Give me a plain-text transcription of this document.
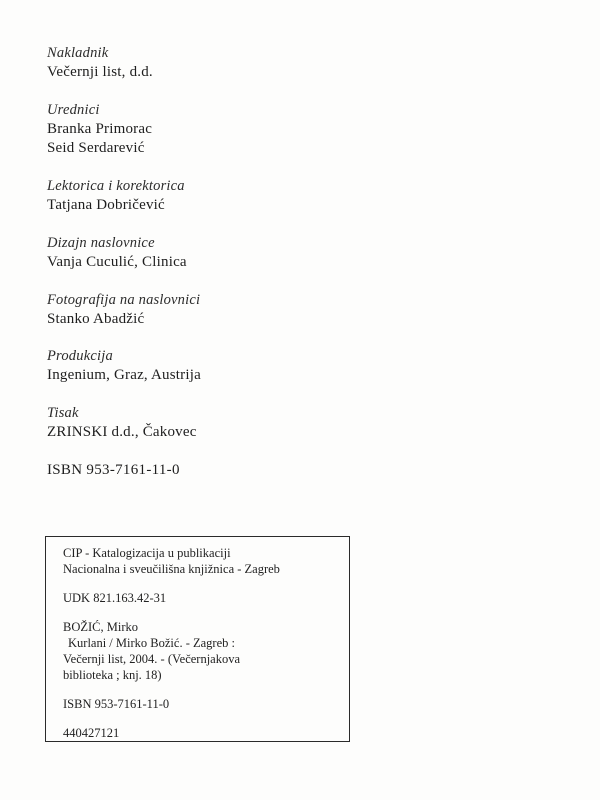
Nakladnik
Večernji list, d.d.
Urednici
Branka Primorac
Seid Serdarević
Lektorica i korektorica
Tatjana Dobričević
Dizajn naslovnice
Vanja Cuculić, Clinica
Fotografija na naslovnici
Stanko Abadžić
Produkcija
Ingenium, Graz, Austrija
Tisak
ZRINSKI d.d., Čakovec
ISBN 953-7161-11-0

CIP - Katalogizacija u publikaciji

Nacionalna i sveučilišna knjižnica - Zagreb

UDK 821.163.42-31

BOŽIĆ, Mirko

Kurlani / Mirko Božić. - Zagreb :

Večernji list, 2004. - (Večernjakova

biblioteka ; knj. 18)

ISBN 953-7161-11-0

440427121
